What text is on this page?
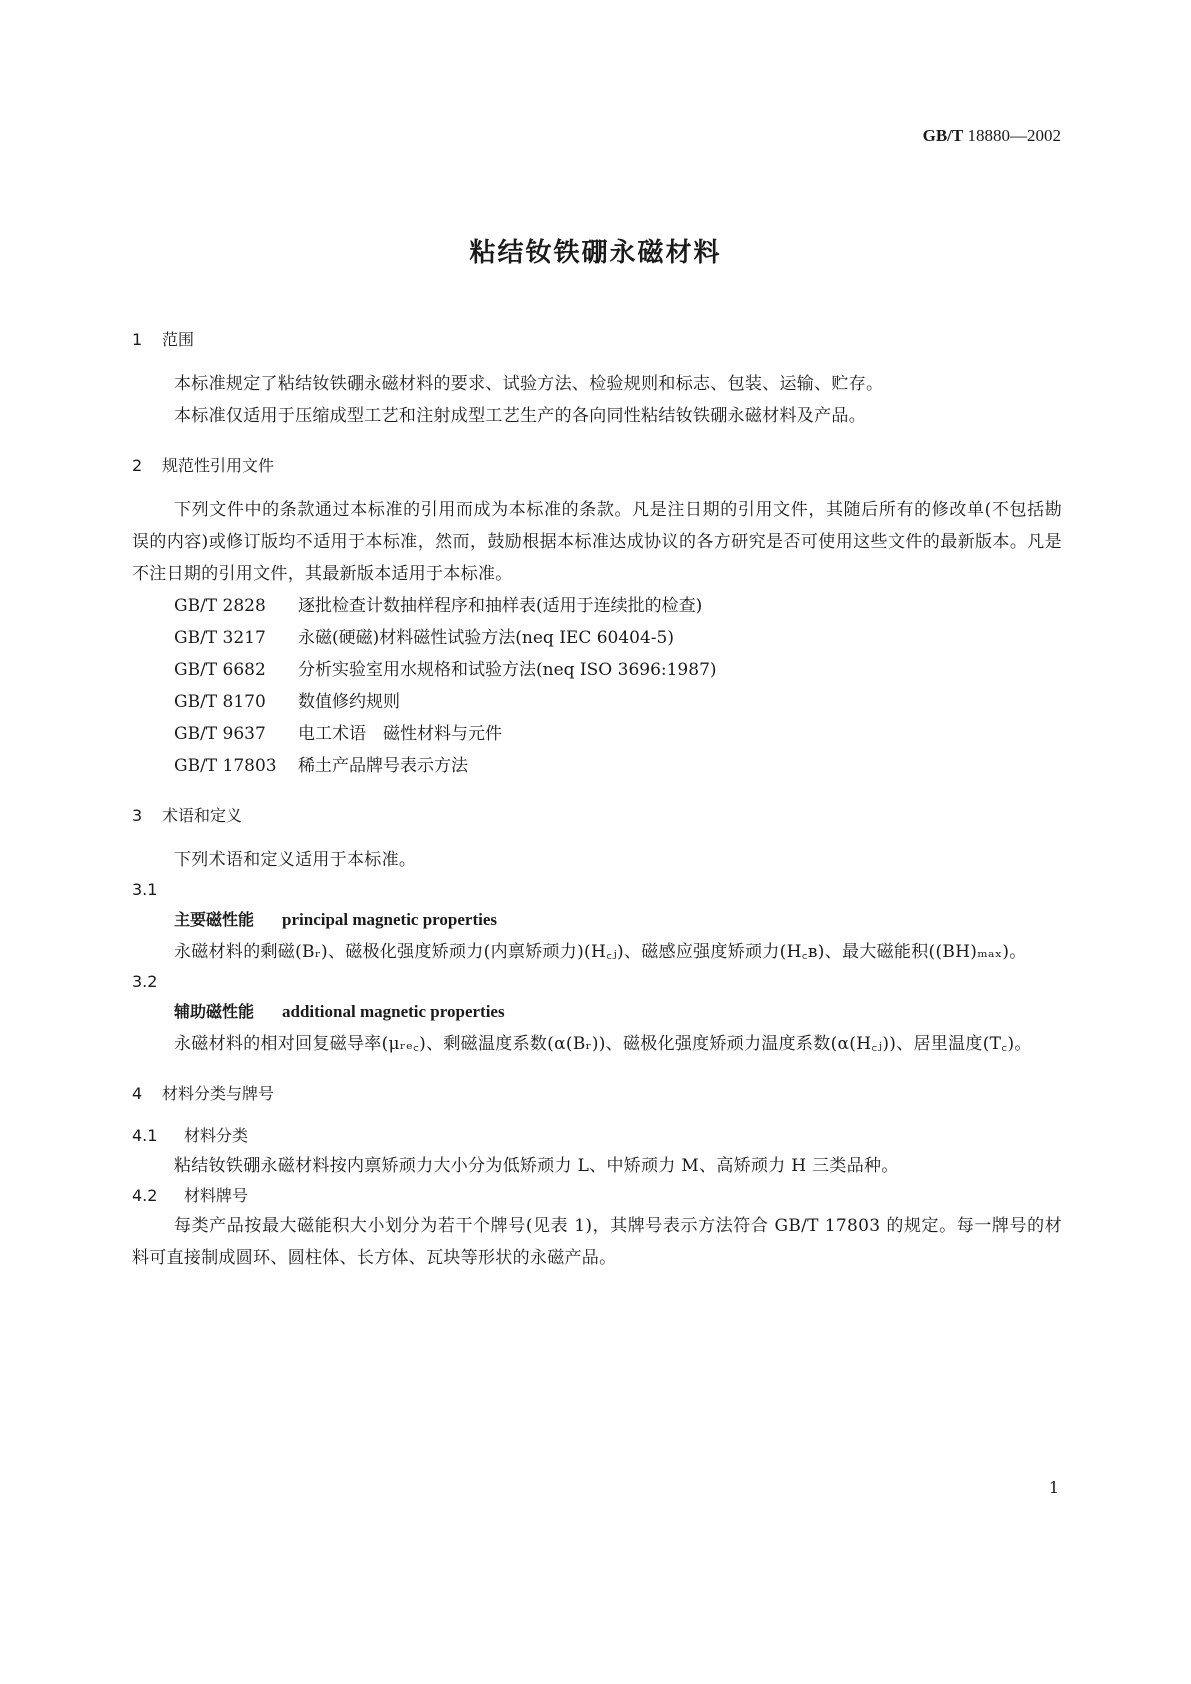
GB/T 18880—2002
粘结钕铁硼永磁材料

1 范围

本标准规定了粘结钕铁硼永磁材料的要求、试验方法、检验规则和标志、包装、运输、贮存。

本标准仅适用于压缩成型工艺和注射成型工艺生产的各向同性粘结钕铁硼永磁材料及产品。

2 规范性引用文件

下列文件中的条款通过本标准的引用而成为本标准的条款。凡是注日期的引用文件，其随后所有的修改单(不包括勘误的内容)或修订版均不适用于本标准，然而，鼓励根据本标准达成协议的各方研究是否可使用这些文件的最新版本。凡是不注日期的引用文件，其最新版本适用于本标准。

GB/T 2828 逐批检查计数抽样程序和抽样表(适用于连续批的检查)

GB/T 3217 永磁(硬磁)材料磁性试验方法(neq IEC 60404-5)

GB/T 6682 分析实验室用水规格和试验方法(neq ISO 3696:1987)

GB/T 8170 数值修约规则

GB/T 9637 电工术语　磁性材料与元件

GB/T 17803 稀土产品牌号表示方法

3 术语和定义

下列术语和定义适用于本标准。

3.1

主要磁性能 principal magnetic properties

永磁材料的剩磁(Bᵣ)、磁极化强度矫顽力(内禀矫顽力)(H꜀ⱼ)、磁感应强度矫顽力(H꜀ʙ)、最大磁能积((BH)ₘₐₓ)。

3.2

辅助磁性能 additional magnetic properties

永磁材料的相对回复磁导率(μᵣₑ꜀)、剩磁温度系数(α(Bᵣ))、磁极化强度矫顽力温度系数(α(H꜀ⱼ))、居里温度(T꜀)。

4 材料分类与牌号

4.1 材料分类

粘结钕铁硼永磁材料按内禀矫顽力大小分为低矫顽力 L、中矫顽力 M、高矫顽力 H 三类品种。

4.2 材料牌号

每类产品按最大磁能积大小划分为若干个牌号(见表 1)，其牌号表示方法符合 GB/T 17803 的规定。每一牌号的材料可直接制成圆环、圆柱体、长方体、瓦块等形状的永磁产品。

1
